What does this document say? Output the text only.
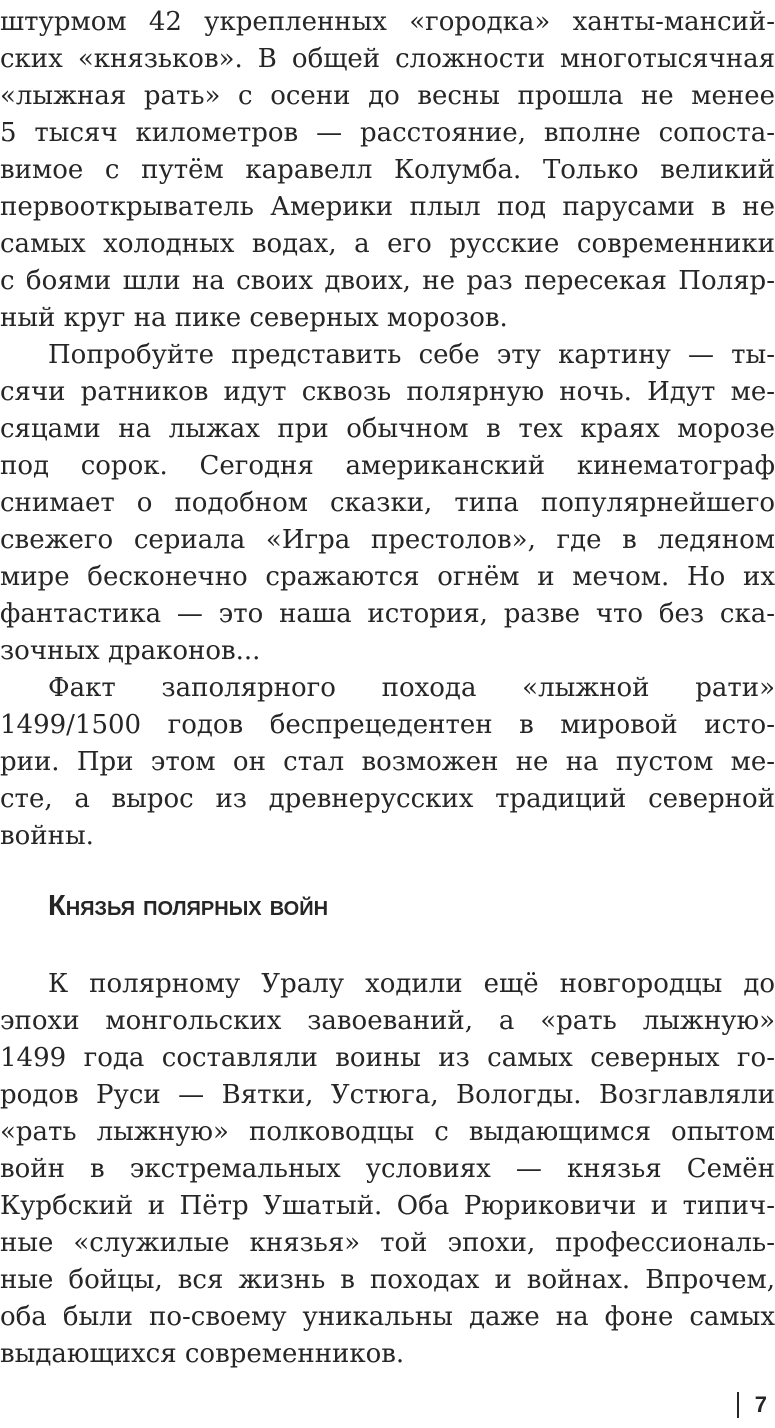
штурмом 42 укрепленных «городка» ханты-мансий-
ских «князьков». В общей сложности многотысячная
«лыжная рать» с осени до весны прошла не менее
5 тысяч километров — расстояние, вполне сопоста-
вимое с путём каравелл Колумба. Только великий
первооткрыватель Америки плыл под парусами в не
самых холодных водах, а его русские современники
с боями шли на своих двоих, не раз пересекая Поляр-
ный круг на пике северных морозов.
Попробуйте представить себе эту картину — ты-
сячи ратников идут сквозь полярную ночь. Идут ме-
сяцами на лыжах при обычном в тех краях морозе
под сорок. Сегодня американский кинематограф
снимает о подобном сказки, типа популярнейшего
свежего сериала «Игра престолов», где в ледяном
мире бесконечно сражаются огнём и мечом. Но их
фантастика — это наша история, разве что без ска-
зочных драконов...
Факт заполярного похода «лыжной рати»
1499/1500 годов беспрецедентен в мировой исто-
рии. При этом он стал возможен не на пустом ме-
сте, а вырос из древнерусских традиций северной
войны.
Князья полярных войн
К полярному Уралу ходили ещё новгородцы до
эпохи монгольских завоеваний, а «рать лыжную»
1499 года составляли воины из самых северных го-
родов Руси — Вятки, Устюга, Вологды. Возглавляли
«рать лыжную» полководцы с выдающимся опытом
войн в экстремальных условиях — князья Семён
Курбский и Пётр Ушатый. Оба Рюриковичи и типич-
ные «служилые князья» той эпохи, профессиональ-
ные бойцы, вся жизнь в походах и войнах. Впрочем,
оба были по-своему уникальны даже на фоне самых
выдающихся современников.
7
